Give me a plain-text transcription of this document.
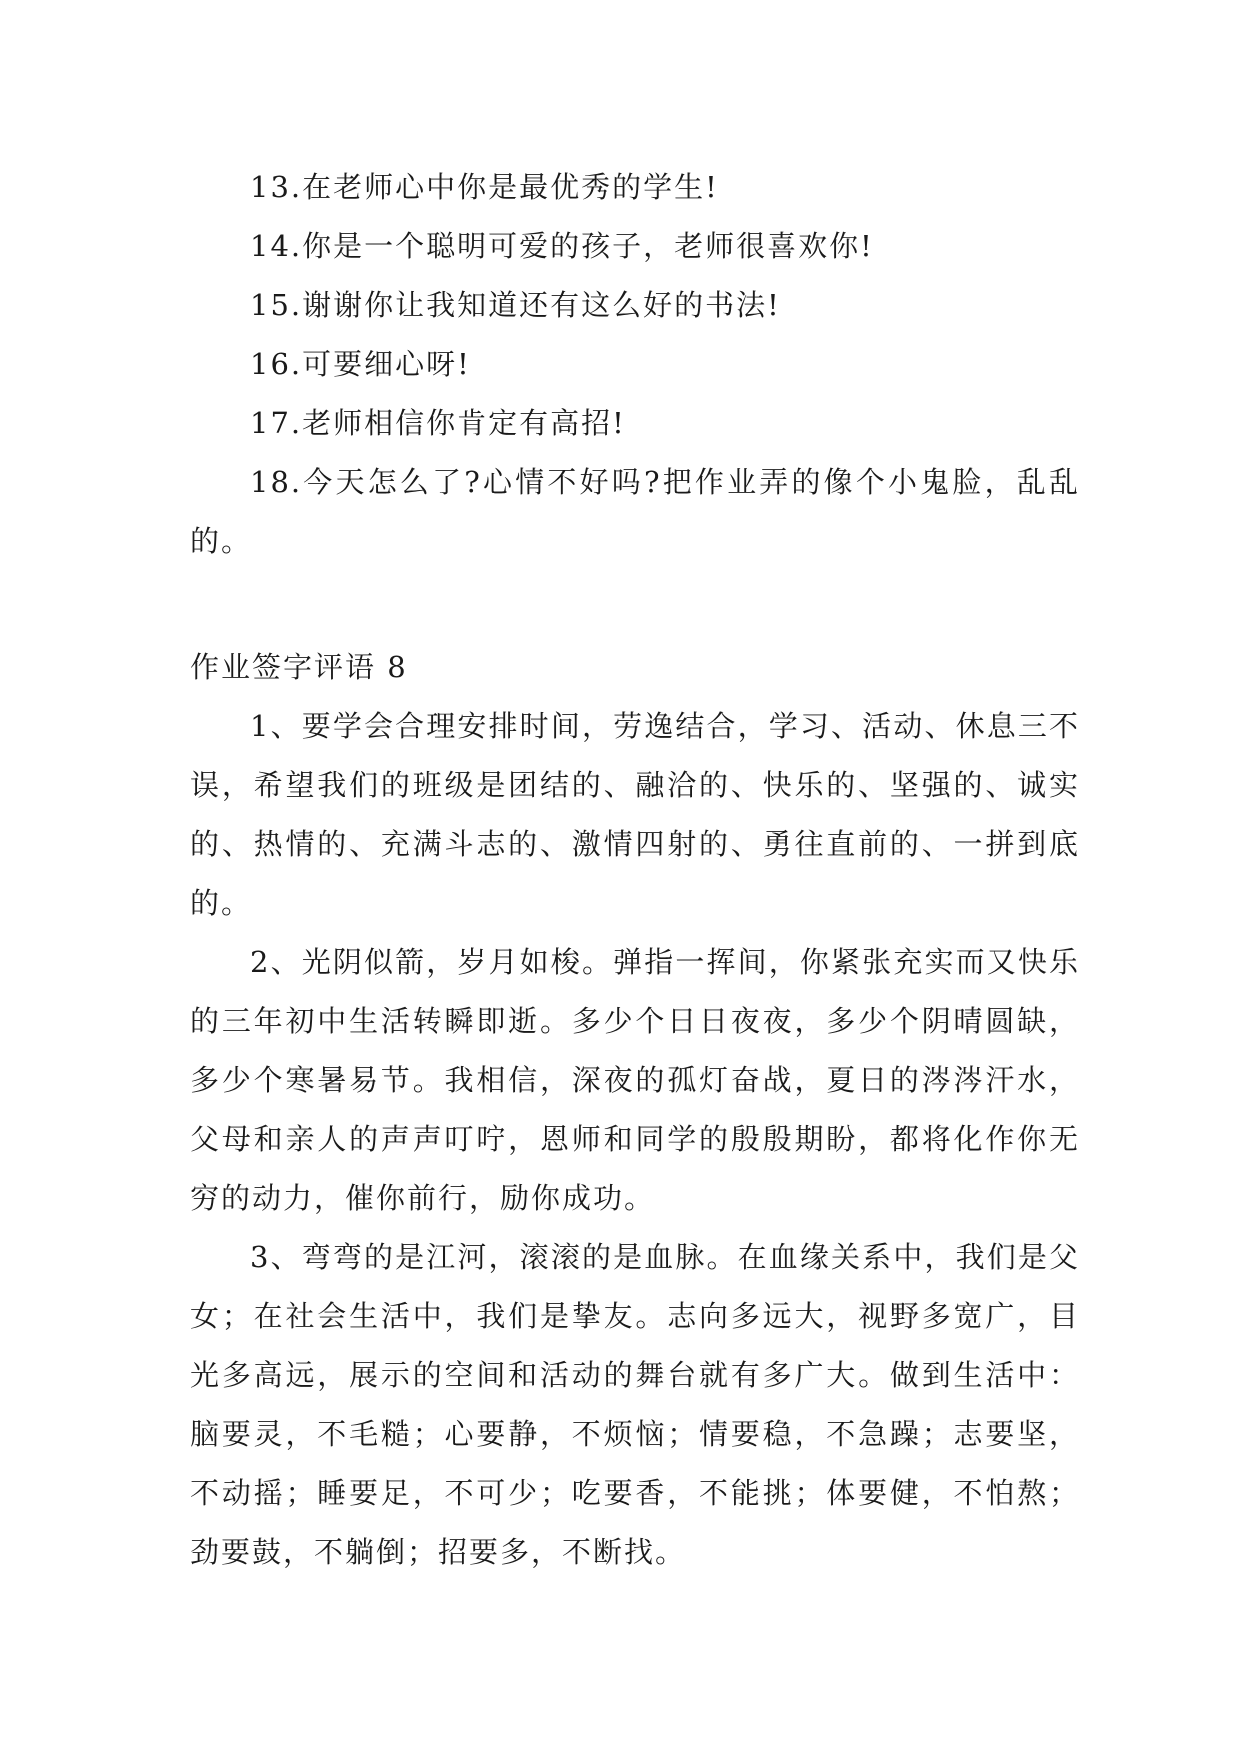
13.在老师心中你是最优秀的学生!

14.你是一个聪明可爱的孩子，老师很喜欢你!

15.谢谢你让我知道还有这么好的书法!

16.可要细心呀!

17.老师相信你肯定有高招!

18.今天怎么了?心情不好吗?把作业弄的像个小鬼脸，乱乱的。

作业签字评语 8

1、要学会合理安排时间，劳逸结合，学习、活动、休息三不误，希望我们的班级是团结的、融洽的、快乐的、坚强的、诚实的、热情的、充满斗志的、激情四射的、勇往直前的、一拼到底的。

2、光阴似箭，岁月如梭。弹指一挥间，你紧张充实而又快乐的三年初中生活转瞬即逝。多少个日日夜夜，多少个阴晴圆缺，多少个寒暑易节。我相信，深夜的孤灯奋战，夏日的涔涔汗水，父母和亲人的声声叮咛，恩师和同学的殷殷期盼，都将化作你无穷的动力，催你前行，励你成功。

3、弯弯的是江河，滚滚的是血脉。在血缘关系中，我们是父女；在社会生活中，我们是挚友。志向多远大，视野多宽广，目光多高远，展示的空间和活动的舞台就有多广大。做到生活中：脑要灵，不毛糙；心要静，不烦恼；情要稳，不急躁；志要坚，不动摇；睡要足，不可少；吃要香，不能挑；体要健，不怕熬；劲要鼓，不躺倒；招要多，不断找。
